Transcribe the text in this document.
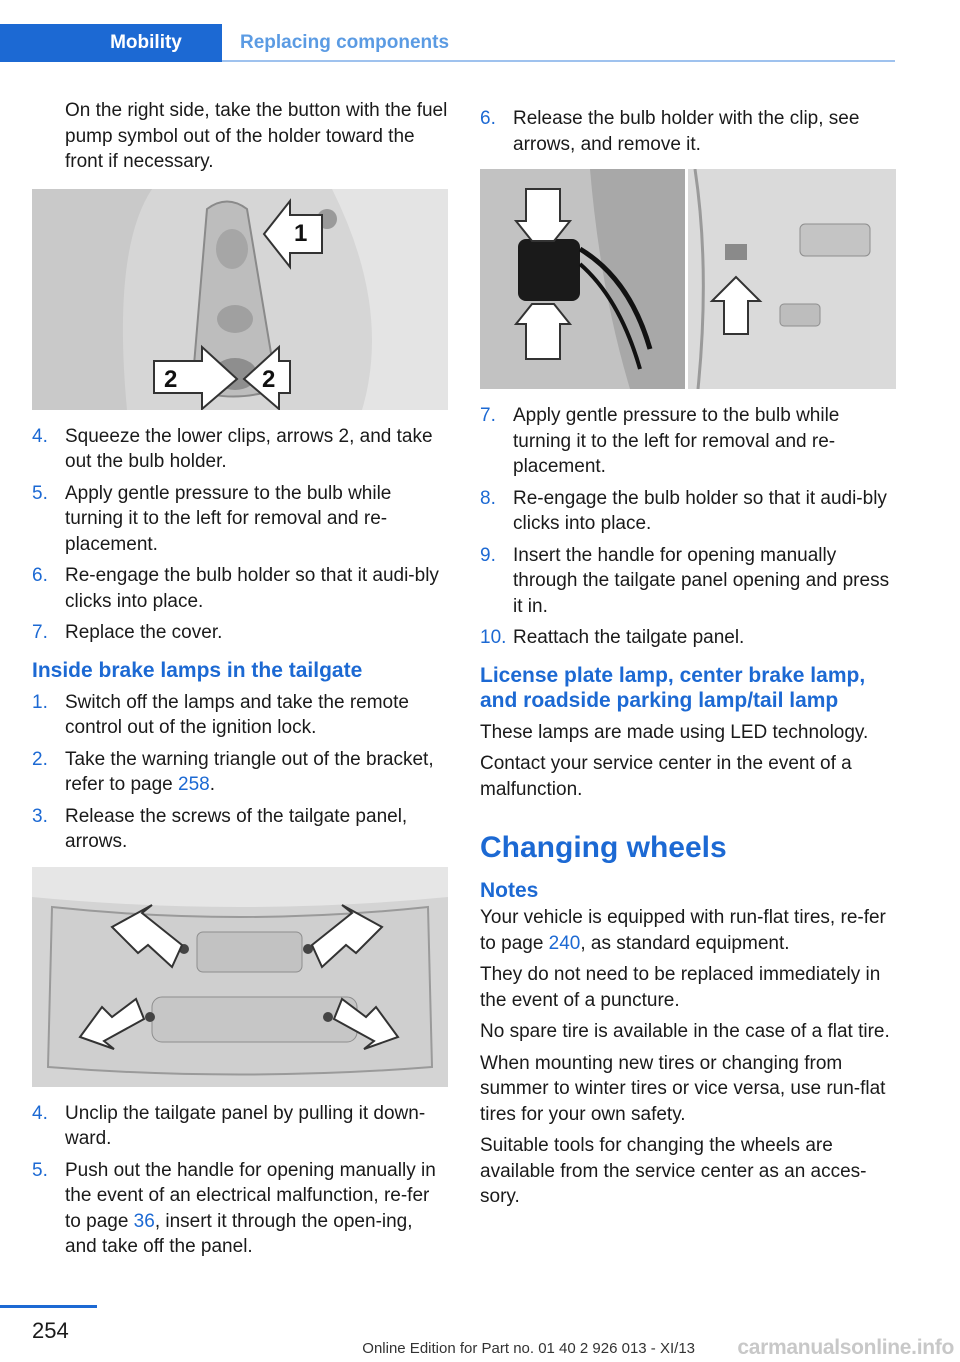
Mobility	Replacing components

On the right side, take the button with the fuel pump symbol out of the holder toward the front if necessary.

1
2	2
4. Squeeze the lower clips, arrows 2, and take out the bulb holder.
5. Apply gentle pressure to the bulb while turning it to the left for removal and re-placement.
6. Re-engage the bulb holder so that it audi-bly clicks into place.
7. Replace the cover.
Inside brake lamps in the tailgate
1. Switch off the lamps and take the remote control out of the ignition lock.
2. Take the warning triangle out of the bracket, refer to page 258.
3. Release the screws of the tailgate panel, arrows.
4. Unclip the tailgate panel by pulling it down-ward.
5. Push out the handle for opening manually in the event of an electrical malfunction, re-fer to page 36, insert it through the open-ing, and take off the panel.
6. Release the bulb holder with the clip, see arrows, and remove it.
7. Apply gentle pressure to the bulb while turning it to the left for removal and re-placement.
8. Re-engage the bulb holder so that it audi-bly clicks into place.
9. Insert the handle for opening manually through the tailgate panel opening and press it in.
10. Reattach the tailgate panel.
License plate lamp, center brake lamp, and roadside parking lamp/tail lamp

These lamps are made using LED technology.

Contact your service center in the event of a malfunction.

Changing wheels
Notes

Your vehicle is equipped with run-flat tires, re-fer to page 240, as standard equipment.

They do not need to be replaced immediately in the event of a puncture.

No spare tire is available in the case of a flat tire.

When mounting new tires or changing from summer to winter tires or vice versa, use run-flat tires for your own safety.

Suitable tools for changing the wheels are available from the service center as an acces-sory.

254
Online Edition for Part no. 01 40 2 926 013 - XI/13 carmanualsonline.info
